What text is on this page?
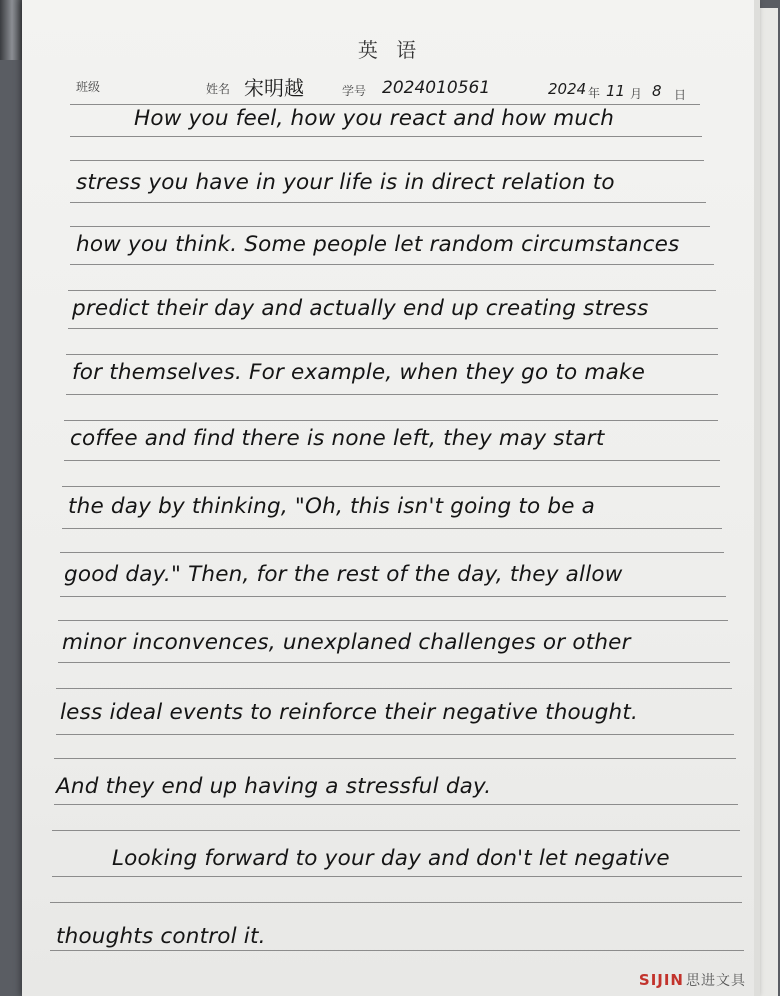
英 语
班级	姓名 宋明越	学号 2024010561	2024 年 11 月 8 日
How you feel, how you react and how much
stress you have in your life is in direct relation to
how you think. Some people let random circumstances
predict their day and actually end up creating stress
for themselves. For example, when they go to make
coffee and find there is none left, they may start
the day by thinking, "Oh, this isn't going to be a
good day." Then, for the rest of the day, they allow
minor inconvences, unexplaned challenges or other
less ideal events to reinforce their negative thought.
And they end up having a stressful day.
Looking forward to your day and don't let negative
thoughts control it.
SIJIN 思进文具
